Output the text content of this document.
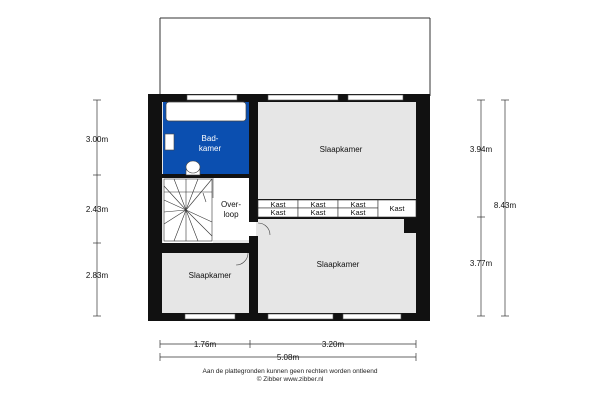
Kast	Kast	Kast
Kast	Kast	Kast	Kast
Bad-kamer
Over-loop
Slaapkamer
Slaapkamer
Slaapkamer
3.00m
2.43m
2.83m
3.94m
3.77m
8.43m
1.76m	3.20m
5.08m
Aan de plattegronden kunnen geen rechten worden ontleend
© Zibber www.zibber.nl
